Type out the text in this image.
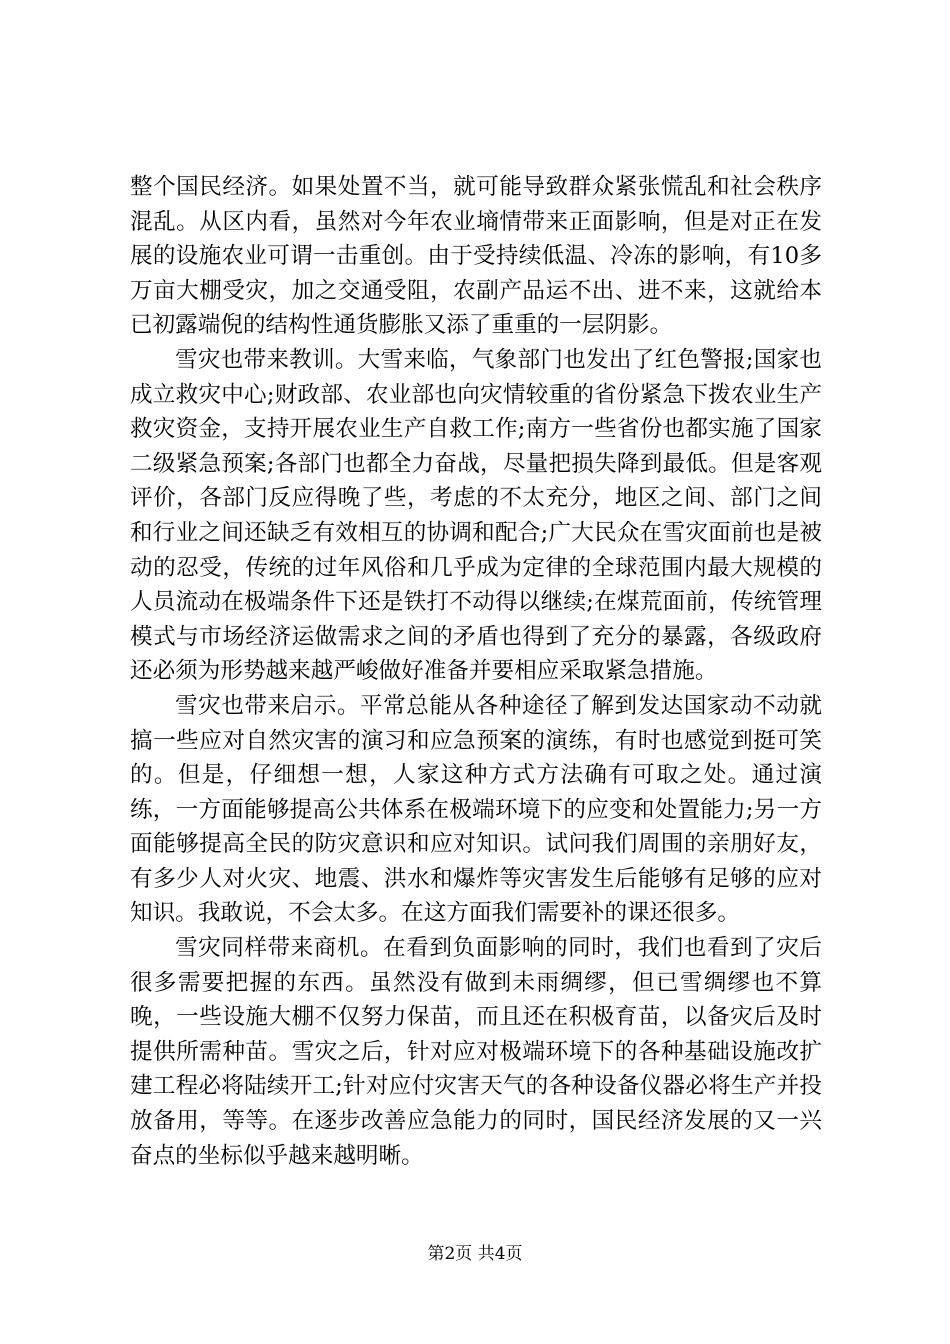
整个国民经济。如果处置不当，就可能导致群众紧张慌乱和社会秩序混乱。从区内看，虽然对今年农业墒情带来正面影响，但是对正在发展的设施农业可谓一击重创。由于受持续低温、冷冻的影响，有10多万亩大棚受灾，加之交通受阻，农副产品运不出、进不来，这就给本已初露端倪的结构性通货膨胀又添了重重的一层阴影。

雪灾也带来教训。大雪来临，气象部门也发出了红色警报;国家也成立救灾中心;财政部、农业部也向灾情较重的省份紧急下拨农业生产救灾资金，支持开展农业生产自救工作;南方一些省份也都实施了国家二级紧急预案;各部门也都全力奋战，尽量把损失降到最低。但是客观评价，各部门反应得晚了些，考虑的不太充分，地区之间、部门之间和行业之间还缺乏有效相互的协调和配合;广大民众在雪灾面前也是被动的忍受，传统的过年风俗和几乎成为定律的全球范围内最大规模的人员流动在极端条件下还是铁打不动得以继续;在煤荒面前，传统管理模式与市场经济运做需求之间的矛盾也得到了充分的暴露，各级政府还必须为形势越来越严峻做好准备并要相应采取紧急措施。

雪灾也带来启示。平常总能从各种途径了解到发达国家动不动就搞一些应对自然灾害的演习和应急预案的演练，有时也感觉到挺可笑的。但是，仔细想一想，人家这种方式方法确有可取之处。通过演练，一方面能够提高公共体系在极端环境下的应变和处置能力;另一方面能够提高全民的防灾意识和应对知识。试问我们周围的亲朋好友，有多少人对火灾、地震、洪水和爆炸等灾害发生后能够有足够的应对知识。我敢说，不会太多。在这方面我们需要补的课还很多。

雪灾同样带来商机。在看到负面影响的同时，我们也看到了灾后很多需要把握的东西。虽然没有做到未雨绸缪，但已雪绸缪也不算晚，一些设施大棚不仅努力保苗，而且还在积极育苗，以备灾后及时提供所需种苗。雪灾之后，针对应对极端环境下的各种基础设施改扩建工程必将陆续开工;针对应付灾害天气的各种设备仪器必将生产并投放备用，等等。在逐步改善应急能力的同时，国民经济发展的又一兴奋点的坐标似乎越来越明晰。

第2页 共4页
